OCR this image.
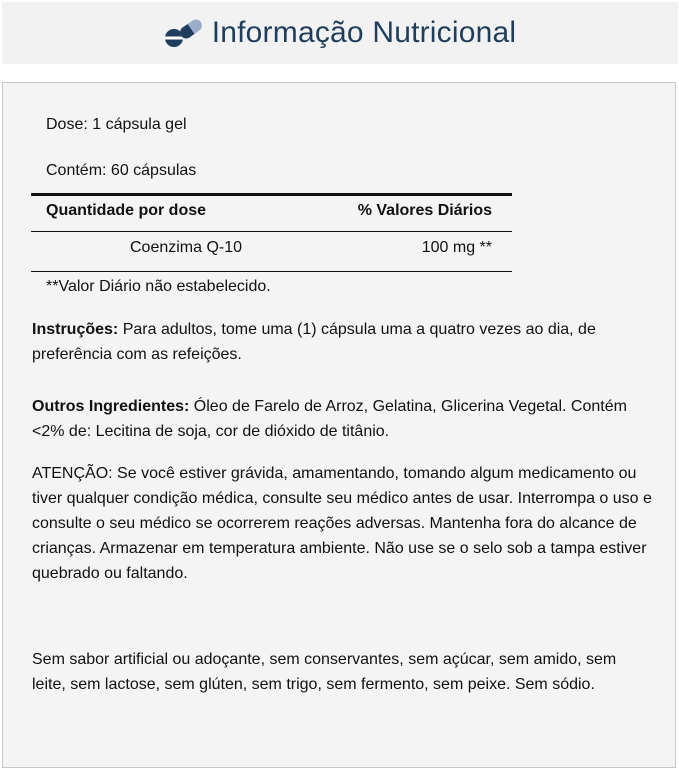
Informação Nutricional
Dose: 1 cápsula gel
Contém: 60 cápsulas
Quantidade por dose	% Valores Diários
Coenzima Q-10	100 mg **
**Valor Diário não estabelecido.

Instruções: Para adultos, tome uma (1) cápsula uma a quatro vezes ao dia, de preferência com as refeições.

Outros Ingredientes: Óleo de Farelo de Arroz, Gelatina, Glicerina Vegetal. Contém <2% de: Lecitina de soja, cor de dióxido de titânio.

ATENÇÃO: Se você estiver grávida, amamentando, tomando algum medicamento ou tiver qualquer condição médica, consulte seu médico antes de usar. Interrompa o uso e consulte o seu médico se ocorrerem reações adversas. Mantenha fora do alcance de crianças. Armazenar em temperatura ambiente. Não use se o selo sob a tampa estiver quebrado ou faltando.

Sem sabor artificial ou adoçante, sem conservantes, sem açúcar, sem amido, sem leite, sem lactose, sem glúten, sem trigo, sem fermento, sem peixe. Sem sódio.
